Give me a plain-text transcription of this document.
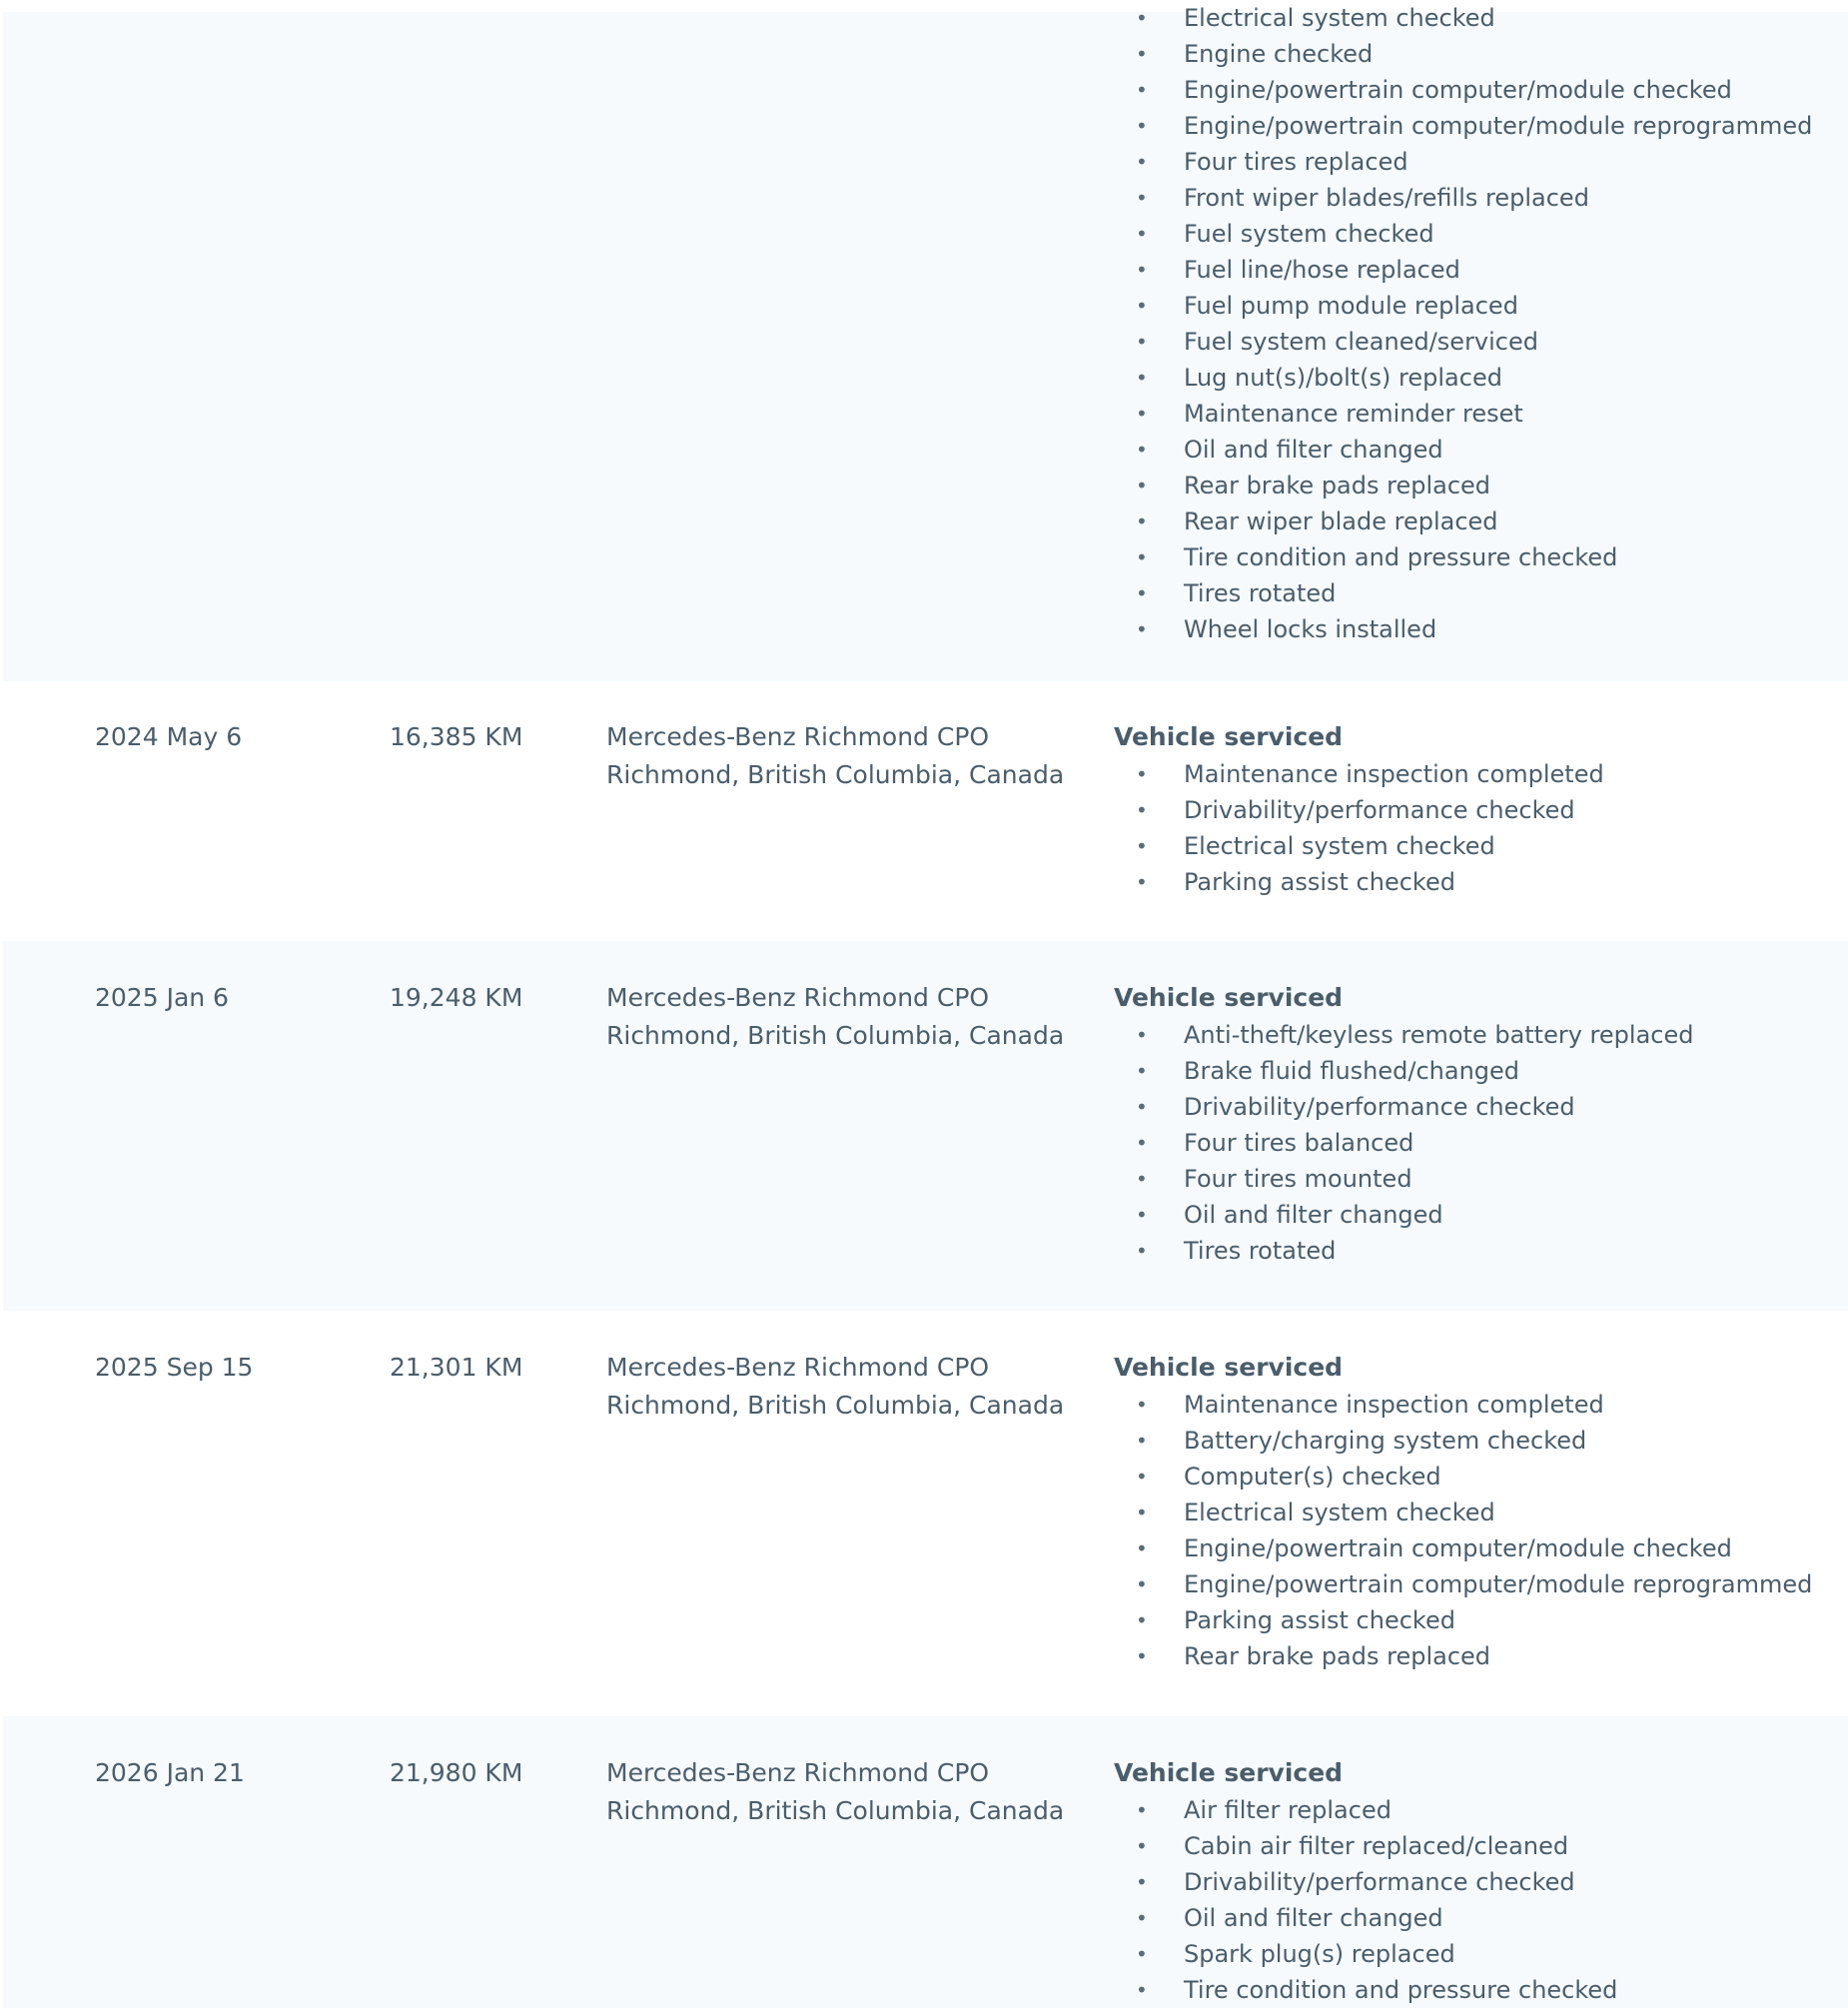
•	Electrical system checked
•	Engine checked
•	Engine/powertrain computer/module checked
•	Engine/powertrain computer/module reprogrammed
•	Four tires replaced
•	Front wiper blades/refills replaced
•	Fuel system checked
•	Fuel line/hose replaced
•	Fuel pump module replaced
•	Fuel system cleaned/serviced
•	Lug nut(s)/bolt(s) replaced
•	Maintenance reminder reset
•	Oil and filter changed
•	Rear brake pads replaced
•	Rear wiper blade replaced
•	Tire condition and pressure checked
•	Tires rotated
•	Wheel locks installed
2024 May 6	16,385 KM	Mercedes-Benz Richmond CPO
Richmond, British Columbia, Canada
Vehicle serviced
•	Maintenance inspection completed
•	Drivability/performance checked
•	Electrical system checked
•	Parking assist checked
2025 Jan 6	19,248 KM	Mercedes-Benz Richmond CPO
Richmond, British Columbia, Canada
Vehicle serviced
•	Anti-theft/keyless remote battery replaced
•	Brake fluid flushed/changed
•	Drivability/performance checked
•	Four tires balanced
•	Four tires mounted
•	Oil and filter changed
•	Tires rotated
2025 Sep 15	21,301 KM	Mercedes-Benz Richmond CPO
Richmond, British Columbia, Canada
Vehicle serviced
•	Maintenance inspection completed
•	Battery/charging system checked
•	Computer(s) checked
•	Electrical system checked
•	Engine/powertrain computer/module checked
•	Engine/powertrain computer/module reprogrammed
•	Parking assist checked
•	Rear brake pads replaced
2026 Jan 21	21,980 KM	Mercedes-Benz Richmond CPO
Richmond, British Columbia, Canada
Vehicle serviced
•	Air filter replaced
•	Cabin air filter replaced/cleaned
•	Drivability/performance checked
•	Oil and filter changed
•	Spark plug(s) replaced
•	Tire condition and pressure checked
